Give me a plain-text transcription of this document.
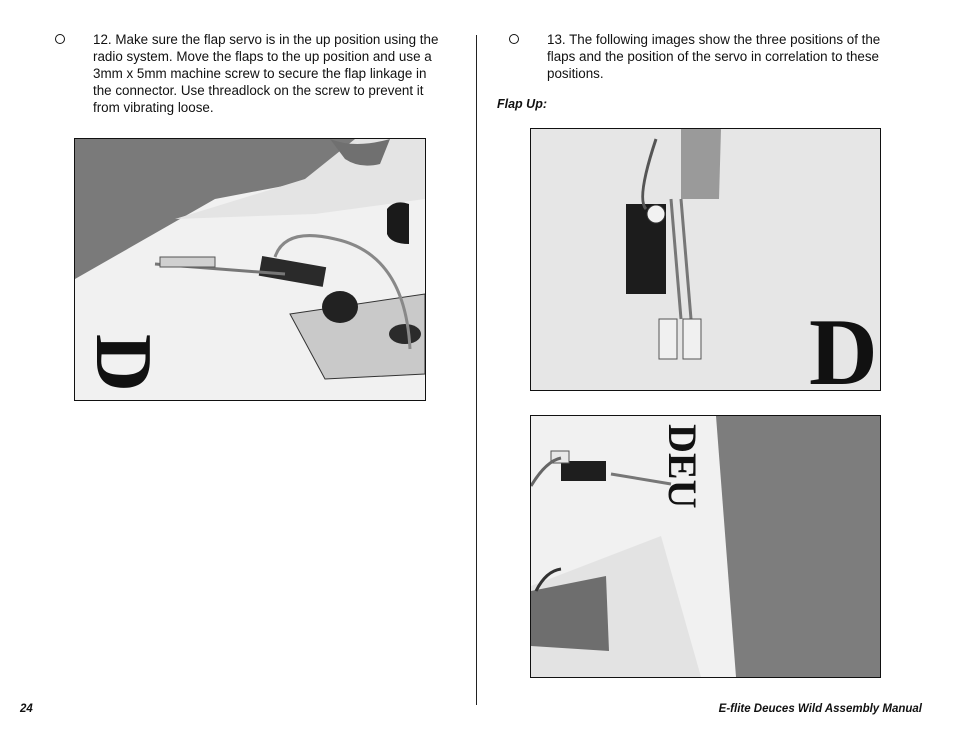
12. Make sure the flap servo is in the up position using the radio system. Move the flaps to the up position and use a 3mm x 5mm machine screw to secure the flap linkage in the connector. Use threadlock on the screw to prevent it from vibrating loose.
13. The following images show the three positions of the flaps and the position of the servo in correlation to these positions.
Flap Up:
D	D
DEU
24	E-flite Deuces Wild Assembly Manual
